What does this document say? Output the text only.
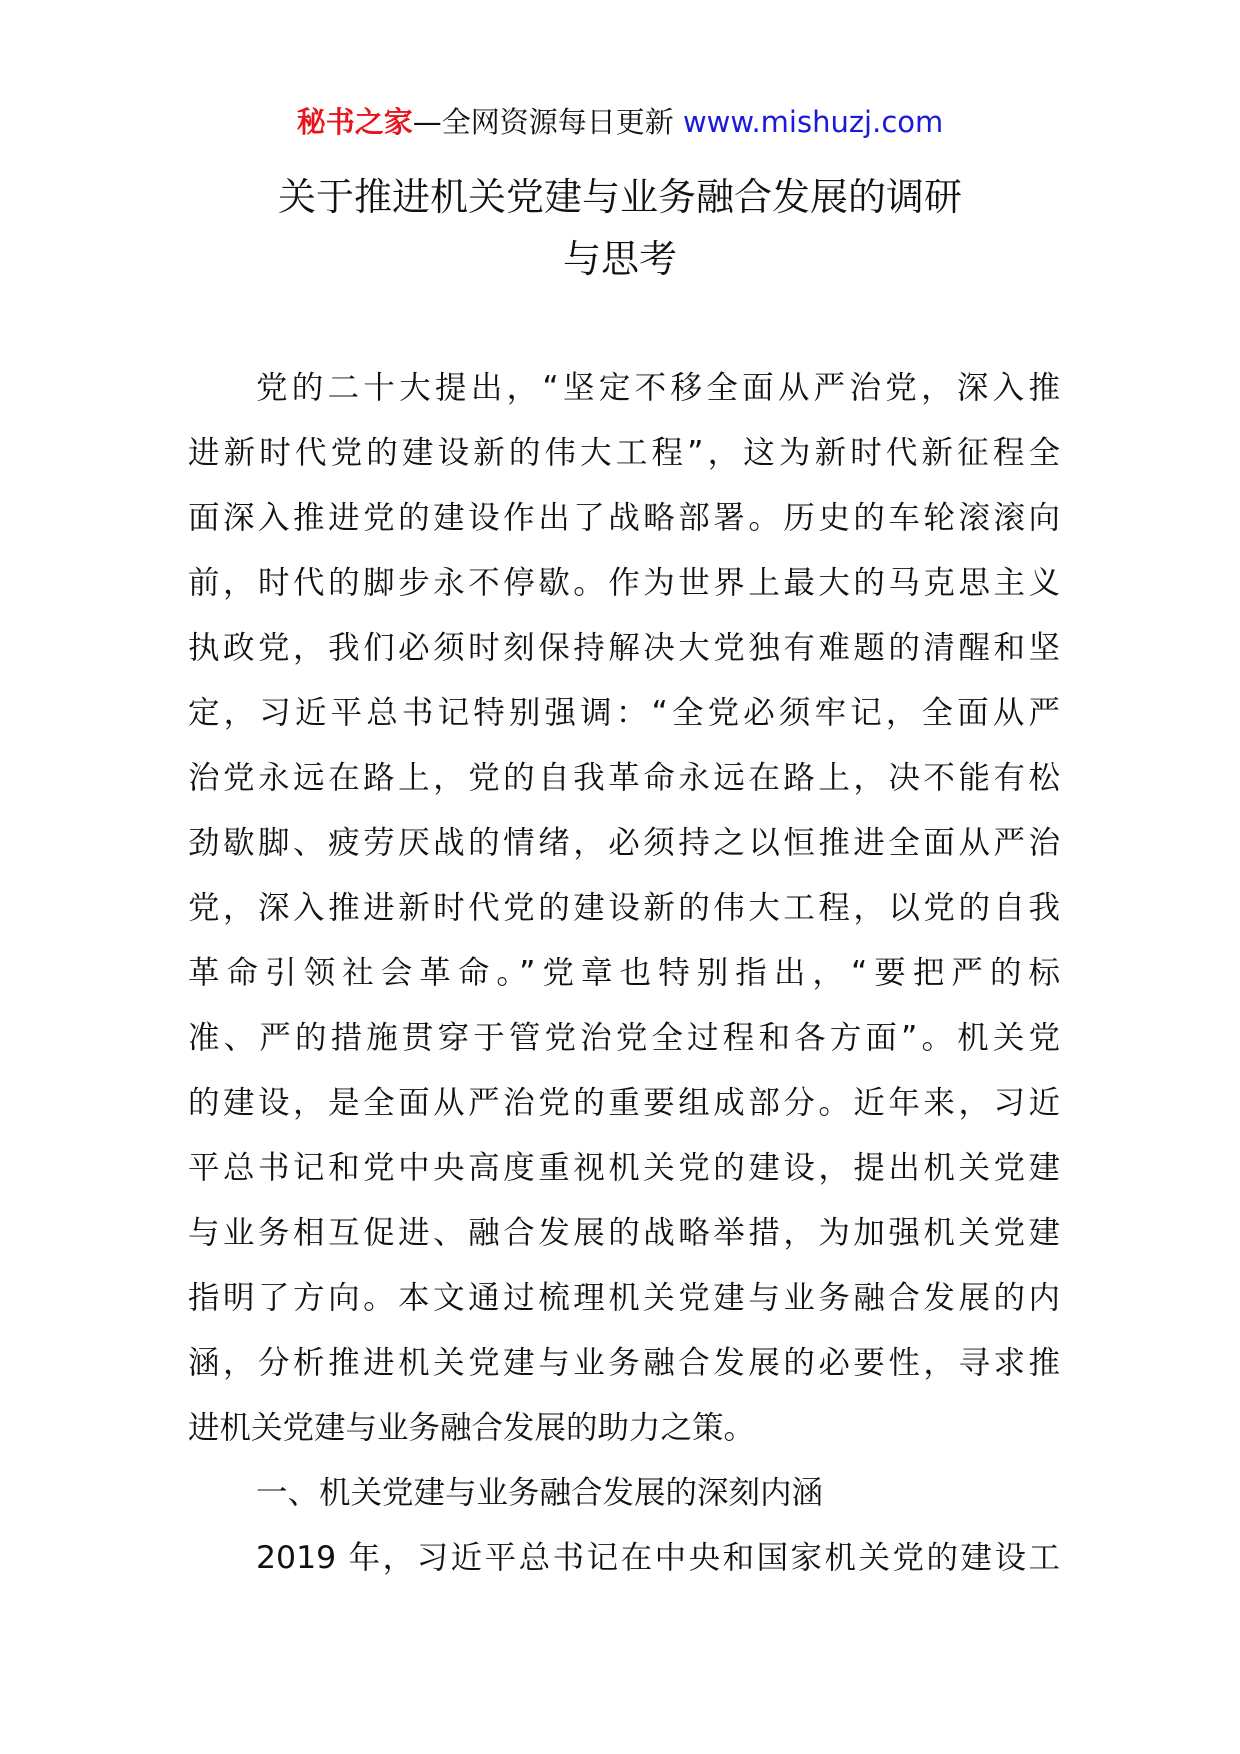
秘书之家—全网资源每日更新 www.mishuzj.com
关于推进机关党建与业务融合发展的调研
与思考
党的二十大提出，“坚定不移全面从严治党，深入推
进新时代党的建设新的伟大工程”，这为新时代新征程全
面深入推进党的建设作出了战略部署。历史的车轮滚滚向
前，时代的脚步永不停歇。作为世界上最大的马克思主义
执政党，我们必须时刻保持解决大党独有难题的清醒和坚
定，习近平总书记特别强调：“全党必须牢记，全面从严
治党永远在路上，党的自我革命永远在路上，决不能有松
劲歇脚、疲劳厌战的情绪，必须持之以恒推进全面从严治
党，深入推进新时代党的建设新的伟大工程，以党的自我
革命引领社会革命。”党章也特别指出，“要把严的标
准、严的措施贯穿于管党治党全过程和各方面”。机关党
的建设，是全面从严治党的重要组成部分。近年来，习近
平总书记和党中央高度重视机关党的建设，提出机关党建
与业务相互促进、融合发展的战略举措，为加强机关党建
指明了方向。本文通过梳理机关党建与业务融合发展的内
涵，分析推进机关党建与业务融合发展的必要性，寻求推
进机关党建与业务融合发展的助力之策。
一、机关党建与业务融合发展的深刻内涵
2019 年，习近平总书记在中央和国家机关党的建设工
